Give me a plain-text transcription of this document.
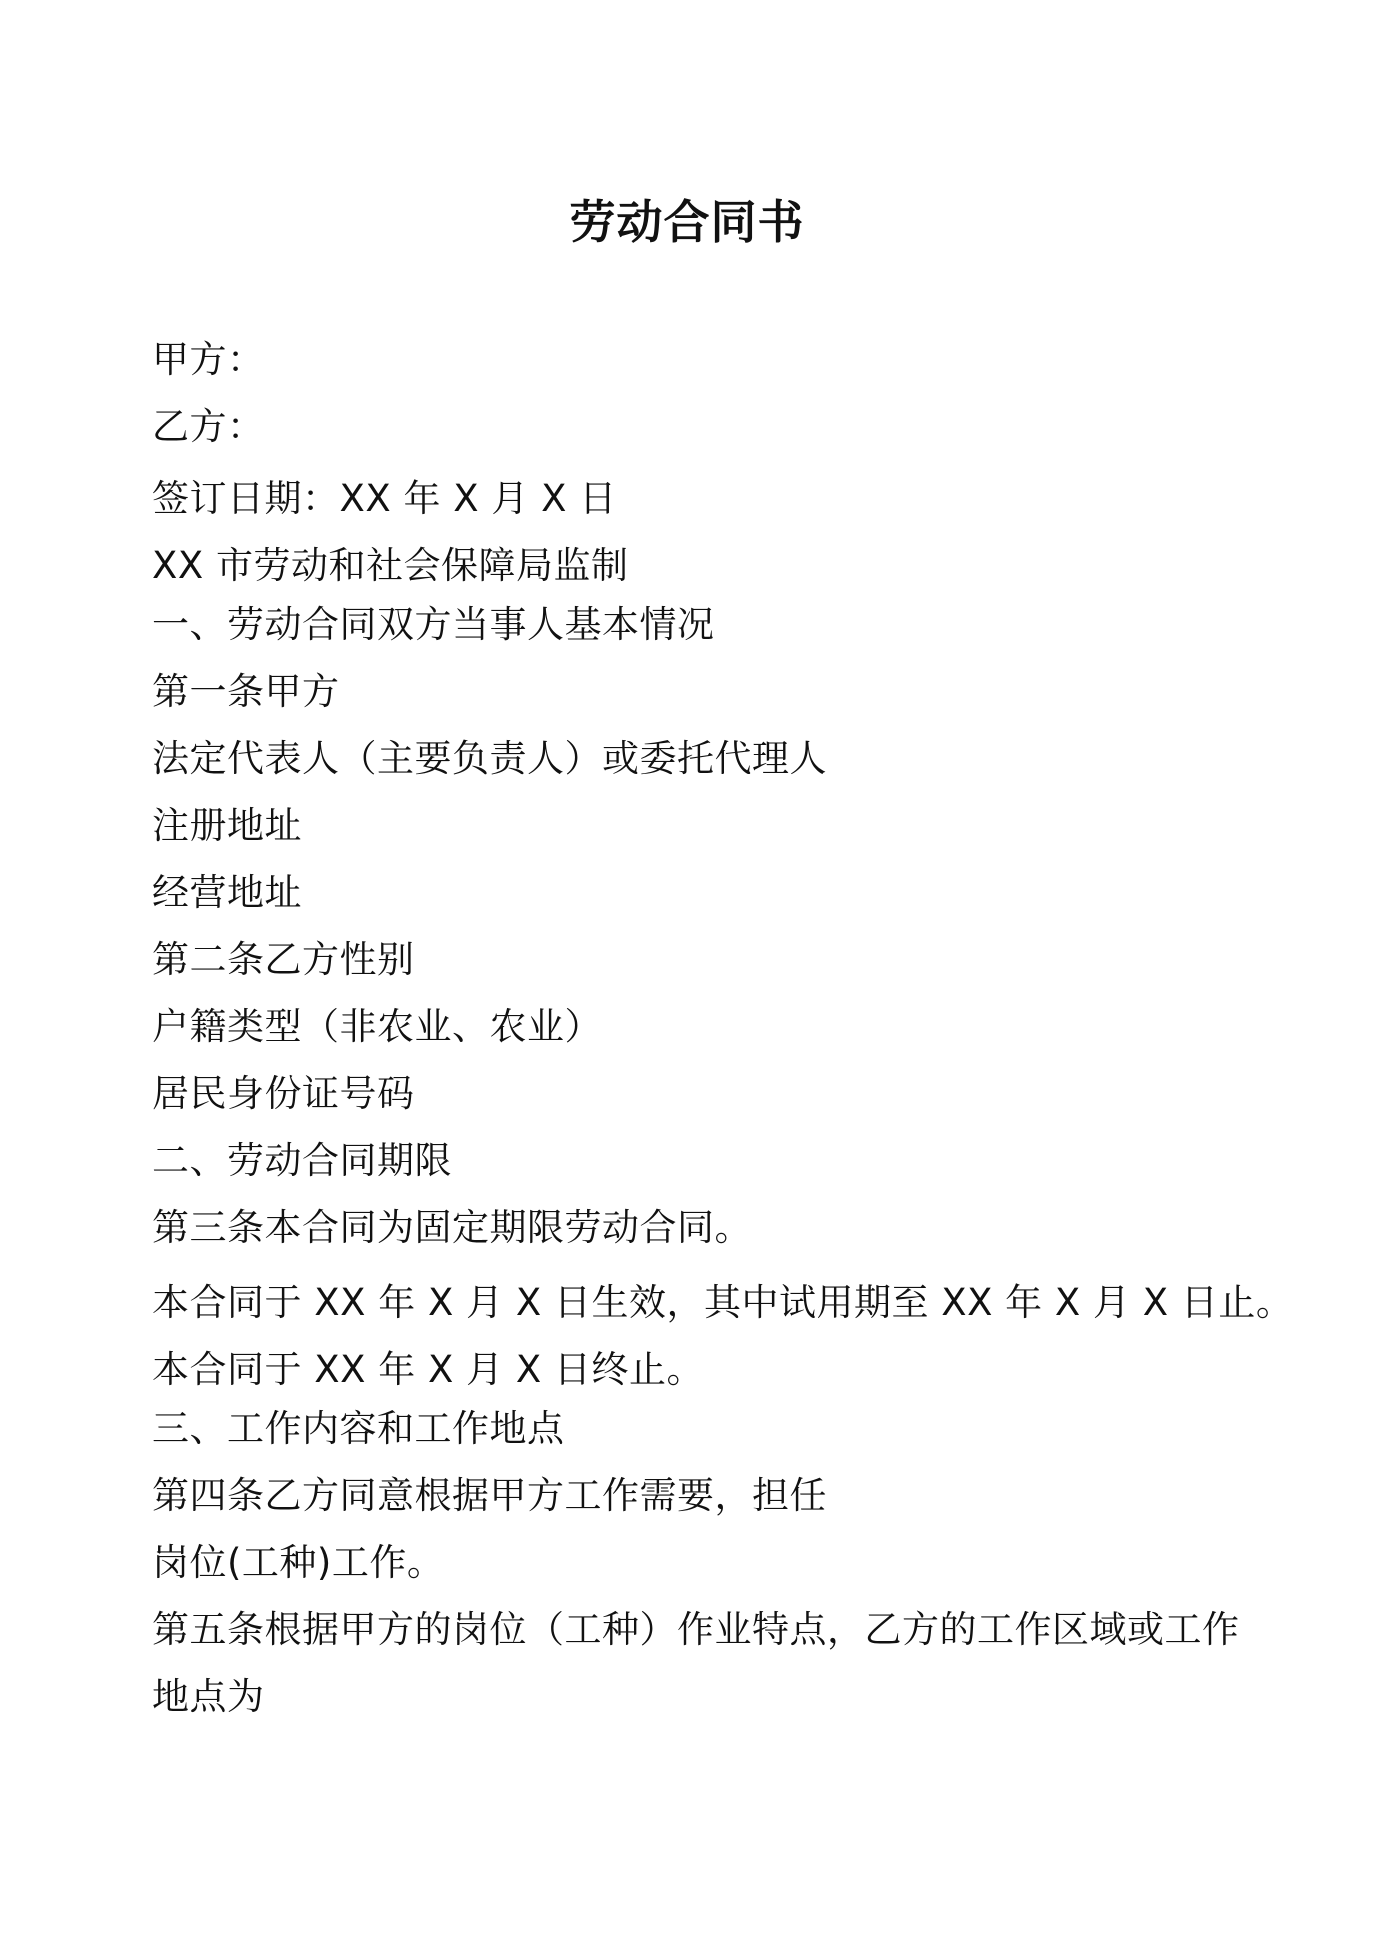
劳动合同书
甲方：
乙方：
签订日期：XX 年 X 月 X 日
XX 市劳动和社会保障局监制
一、劳动合同双方当事人基本情况
第一条甲方
法定代表人（主要负责人）或委托代理人
注册地址
经营地址
第二条乙方性别
户籍类型（非农业、农业）
居民身份证号码
二、劳动合同期限
第三条本合同为固定期限劳动合同。
本合同于 XX 年 X 月 X 日生效，其中试用期至 XX 年 X 月 X 日止。
本合同于 XX 年 X 月 X 日终止。
三、工作内容和工作地点
第四条乙方同意根据甲方工作需要，担任
岗位(工种)工作。
第五条根据甲方的岗位（工种）作业特点，乙方的工作区域或工作
地点为
